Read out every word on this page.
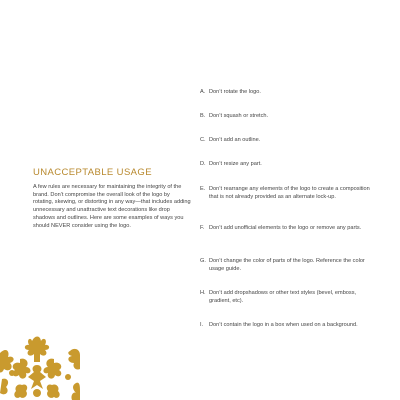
UNACCEPTABLE USAGE

A few rules are necessary for maintaining the integrity of the brand. Don’t compromise the overall look of the logo by rotating, skewing, or distorting in any way—that includes adding unnecessary and unattractive text decorations like drop shadows and outlines. Here are some examples of ways you should NEVER consider using the logo.

A. Don’t rotate the logo.
B. Don’t squash or stretch.
C. Don’t add an outline.
D. Don’t resize any part.
E. Don’t rearrange any elements of the logo to create a composition that is not already provided as an alternate lock-up.
F. Don’t add unofficial elements to the logo or remove any parts.
G. Don’t change the color of parts of the logo. Reference the color usage guide.
H. Don’t add dropshadows or other text styles (bevel, emboss, gradient, etc).
I.	Don’t contain the logo in a box when used on a background.
